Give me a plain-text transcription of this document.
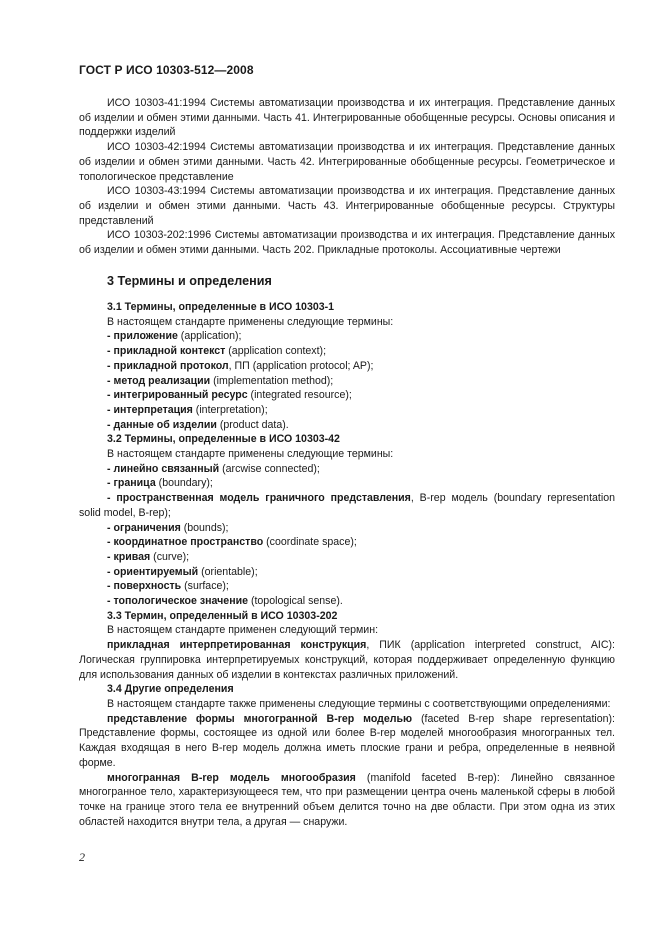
ГОСТ Р ИСО 10303-512—2008

ИСО 10303-41:1994 Системы автоматизации производства и их интеграция. Представление данных об изделии и обмен этими данными. Часть 41. Интегрированные обобщенные ресурсы. Основы описания и поддержки изделий

ИСО 10303-42:1994 Системы автоматизации производства и их интеграция. Представление данных об изделии и обмен этими данными. Часть 42. Интегрированные обобщенные ресурсы. Геометрическое и топологическое представление

ИСО 10303-43:1994 Системы автоматизации производства и их интеграция. Представление данных об изделии и обмен этими данными. Часть 43. Интегрированные обобщенные ресурсы. Структуры представлений

ИСО 10303-202:1996 Системы автоматизации производства и их интеграция. Представление данных об изделии и обмен этими данными. Часть 202. Прикладные протоколы. Ассоциативные чертежи

3 Термины и определения
3.1 Термины, определенные в ИСО 10303-1
В настоящем стандарте применены следующие термины:
- приложение (application);
- прикладной контекст (application context);
- прикладной протокол, ПП (application protocol; AP);
- метод реализации (implementation method);
- интегрированный ресурс (integrated resource);
- интерпретация (interpretation);
- данные об изделии (product data).
3.2 Термины, определенные в ИСО 10303-42
В настоящем стандарте применены следующие термины:
- линейно связанный (arcwise connected);
- граница (boundary);
- пространственная модель граничного представления, B-rep модель (boundary representation solid model, B-rep);
- ограничения (bounds);
- координатное пространство (coordinate space);
- кривая (curve);
- ориентируемый (orientable);
- поверхность (surface);
- топологическое значение (topological sense).
3.3 Термин, определенный в ИСО 10303-202
В настоящем стандарте применен следующий термин:
прикладная интерпретированная конструкция, ПИК (application interpreted construct, AIC): Логическая группировка интерпретируемых конструкций, которая поддерживает определенную функцию для использования данных об изделии в контекстах различных приложений.
3.4 Другие определения
В настоящем стандарте также применены следующие термины с соответствующими определениями:
представление формы многогранной B-rep моделью (faceted B-rep shape representation): Представление формы, состоящее из одной или более B-rep моделей многообразия многогранных тел. Каждая входящая в него B-rep модель должна иметь плоские грани и ребра, определенные в неявной форме.
многогранная B-rep модель многообразия (manifold faceted B-rep): Линейно связанное многогранное тело, характеризующееся тем, что при размещении центра очень маленькой сферы в любой точке на границе этого тела ее внутренний объем делится точно на две области. При этом одна из этих областей находится внутри тела, а другая — снаружи.
2
